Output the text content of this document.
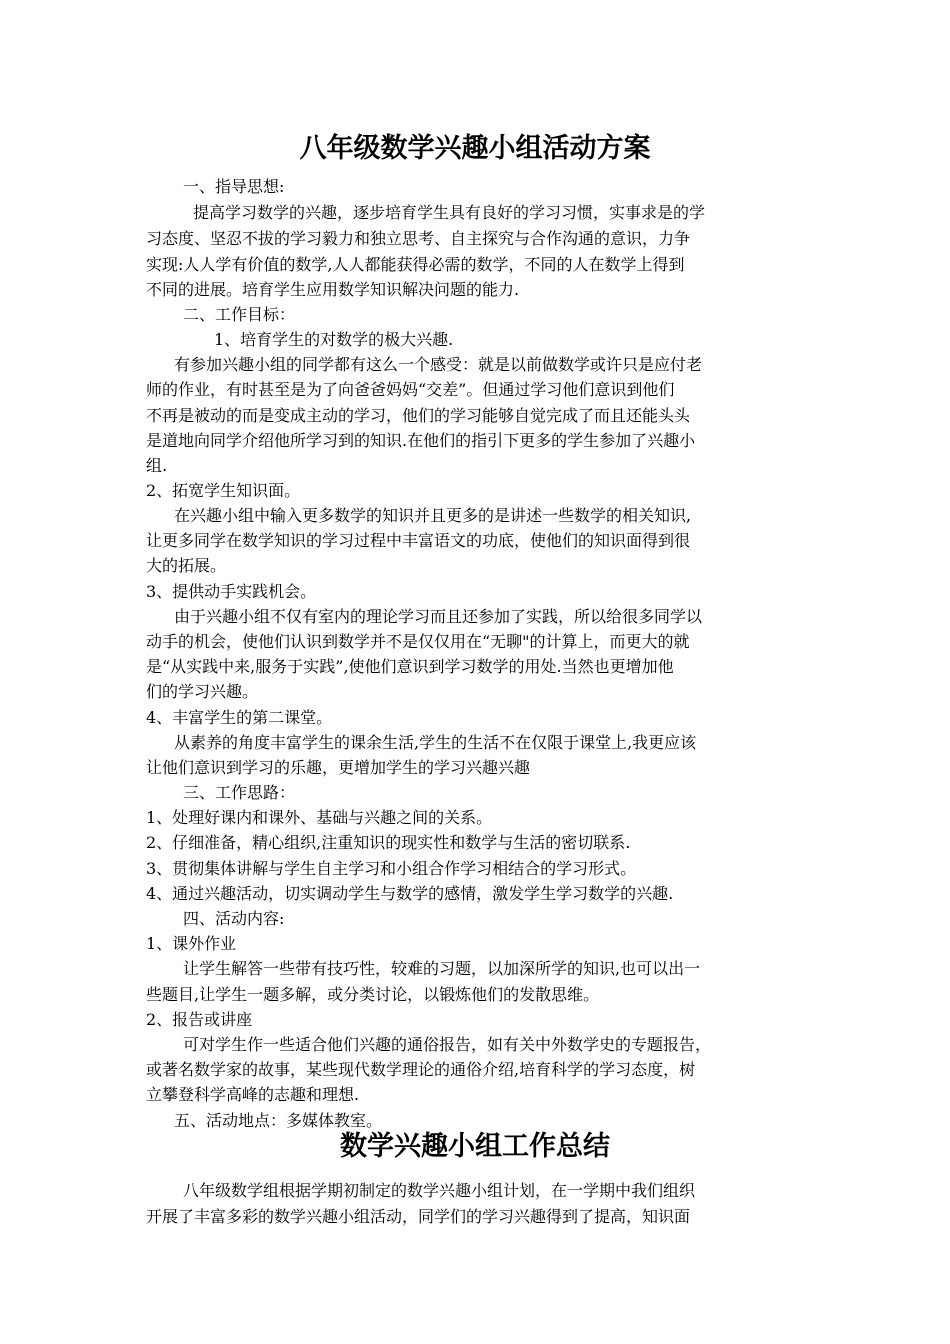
八年级数学兴趣小组活动方案

一、指导思想:

提高学习数学的兴趣，逐步培育学生具有良好的学习习惯，实事求是的学

习态度、坚忍不拔的学习毅力和独立思考、自主探究与合作沟通的意识，力争

实现:人人学有价值的数学,人人都能获得必需的数学，不同的人在数学上得到

不同的进展。培育学生应用数学知识解决问题的能力.

二、工作目标：

1、培育学生的对数学的极大兴趣.

有参加兴趣小组的同学都有这么一个感受：就是以前做数学或许只是应付老

师的作业，有时甚至是为了向爸爸妈妈“交差”。但通过学习他们意识到他们

不再是被动的而是变成主动的学习，他们的学习能够自觉完成了而且还能头头

是道地向同学介绍他所学习到的知识.在他们的指引下更多的学生参加了兴趣小

组.

2、拓宽学生知识面。

在兴趣小组中输入更多数学的知识并且更多的是讲述一些数学的相关知识,

让更多同学在数学知识的学习过程中丰富语文的功底，使他们的知识面得到很

大的拓展。

3、提供动手实践机会。

由于兴趣小组不仅有室内的理论学习而且还参加了实践，所以给很多同学以

动手的机会，使他们认识到数学并不是仅仅用在“无聊"的计算上，而更大的就

是“从实践中来,服务于实践”,使他们意识到学习数学的用处.当然也更增加他

们的学习兴趣。

4、丰富学生的第二课堂。

从素养的角度丰富学生的课余生活,学生的生活不在仅限于课堂上,我更应该

让他们意识到学习的乐趣，更增加学生的学习兴趣兴趣

三、工作思路：

1、处理好课内和课外、基础与兴趣之间的关系。

2、仔细准备，精心组织,注重知识的现实性和数学与生活的密切联系.

3、贯彻集体讲解与学生自主学习和小组合作学习相结合的学习形式。

4、通过兴趣活动，切实调动学生与数学的感情，激发学生学习数学的兴趣.

四、活动内容:

1、课外作业

让学生解答一些带有技巧性，较难的习题，以加深所学的知识,也可以出一

些题目,让学生一题多解，或分类讨论，以锻炼他们的发散思维。

2、报告或讲座

可对学生作一些适合他们兴趣的通俗报告，如有关中外数学史的专题报告，

或著名数学家的故事，某些现代数学理论的通俗介绍,培育科学的学习态度，树

立攀登科学高峰的志趣和理想.

五、活动地点：多媒体教室。

数学兴趣小组工作总结

八年级数学组根据学期初制定的数学兴趣小组计划，在一学期中我们组织

开展了丰富多彩的数学兴趣小组活动，同学们的学习兴趣得到了提高，知识面
